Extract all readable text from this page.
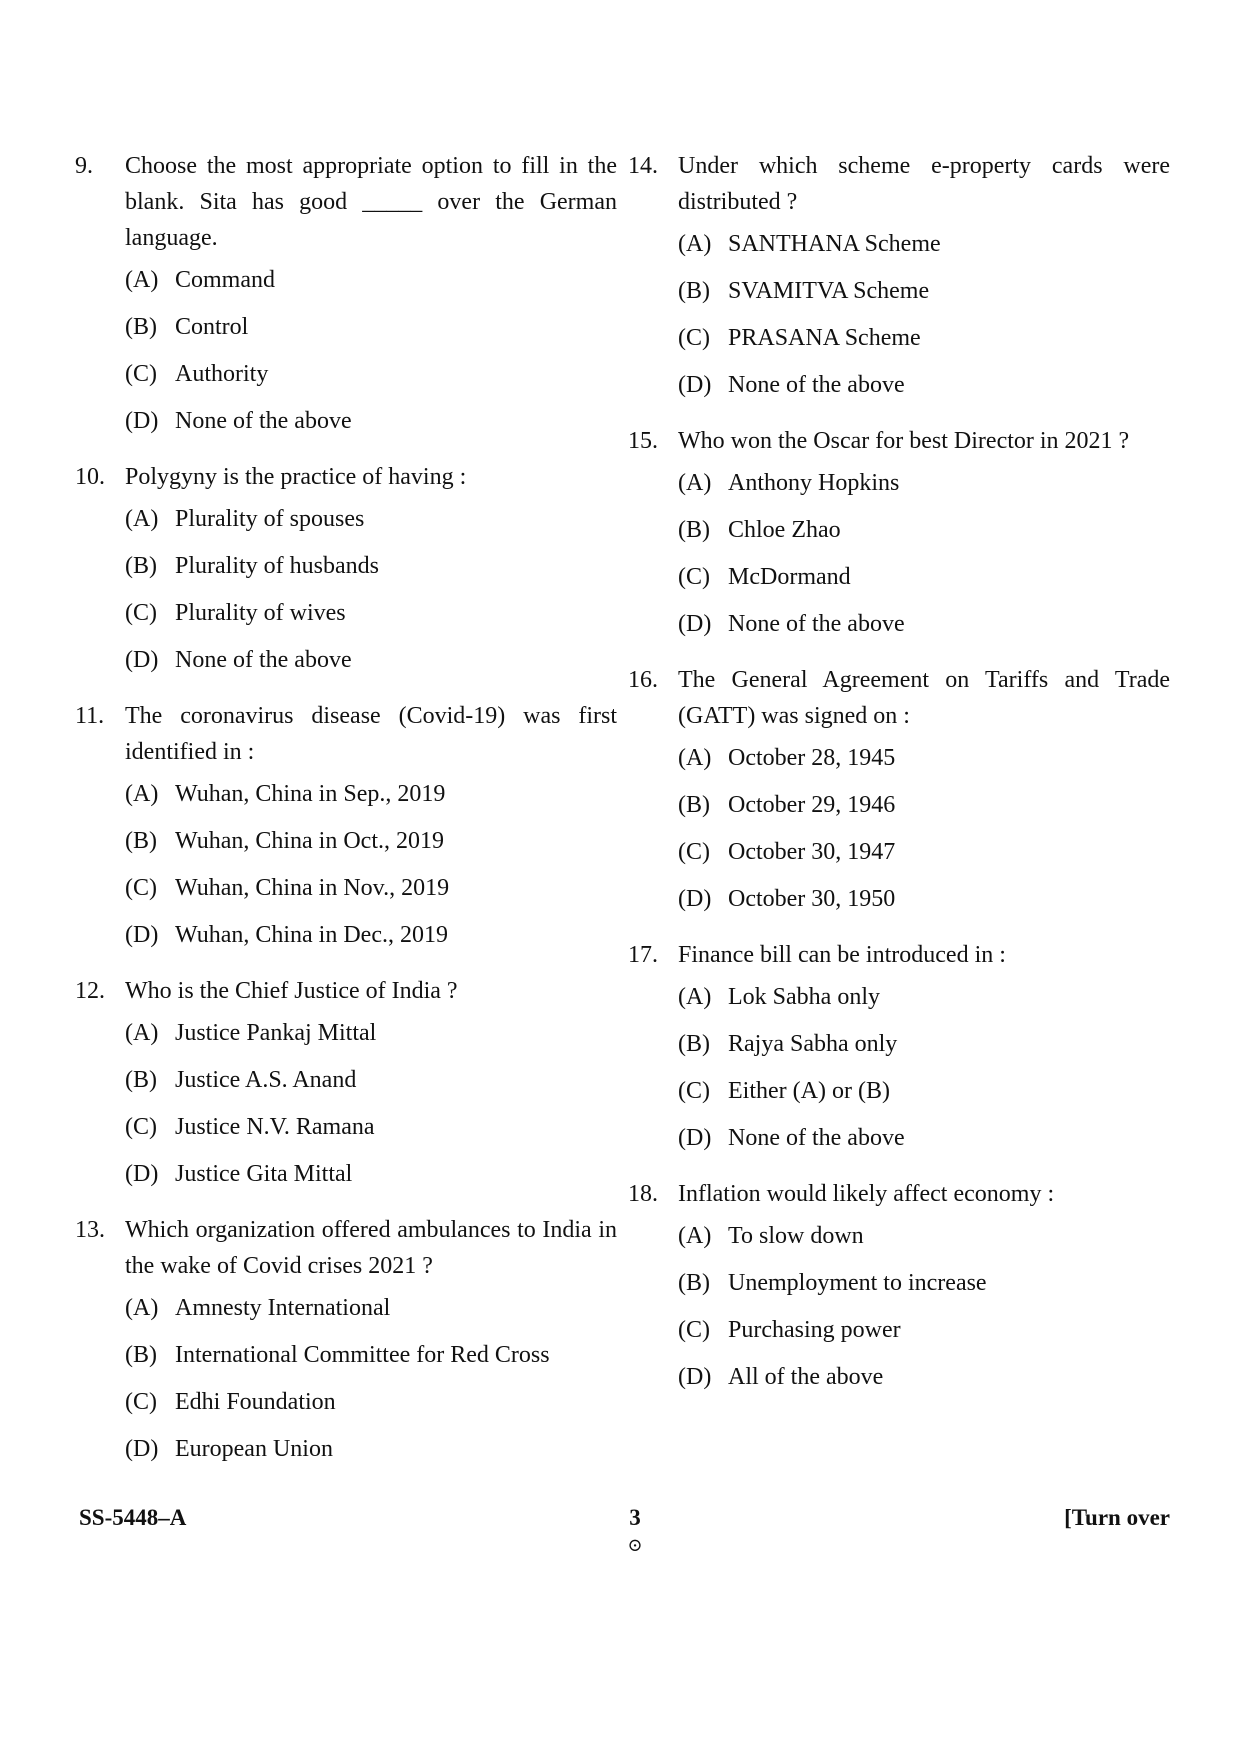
9.	Choose the most appropriate option to fill in the blank. Sita has good _____ over the German language.
(A) Command
(B) Control
(C) Authority
(D) None of the above
10. Polygyny is the practice of having :
(A) Plurality of spouses
(B) Plurality of husbands
(C) Plurality of wives
(D) None of the above
11. The coronavirus disease (Covid-19) was first identified in :
(A) Wuhan, China in Sep., 2019
(B) Wuhan, China in Oct., 2019
(C) Wuhan, China in Nov., 2019
(D) Wuhan, China in Dec., 2019
12. Who is the Chief Justice of India ?
(A) Justice Pankaj Mittal
(B) Justice A.S. Anand
(C) Justice N.V. Ramana
(D) Justice Gita Mittal
13. Which organization offered ambulances to India in the wake of Covid crises 2021 ?
(A) Amnesty International
(B) International Committee for Red Cross
(C) Edhi Foundation
(D) European Union
14. Under which scheme e-property cards were distributed ?
(A) SANTHANA Scheme
(B) SVAMITVA Scheme
(C) PRASANA Scheme
(D) None of the above
15. Who won the Oscar for best Director in 2021 ?
(A) Anthony Hopkins
(B) Chloe Zhao
(C) McDormand
(D) None of the above
16. The General Agreement on Tariffs and Trade (GATT) was signed on :
(A) October 28, 1945
(B) October 29, 1946
(C) October 30, 1947
(D) October 30, 1950
17. Finance bill can be introduced in :
(A) Lok Sabha only
(B) Rajya Sabha only
(C) Either (A) or (B)
(D) None of the above
18. Inflation would likely affect economy :
(A) To slow down
(B) Unemployment to increase
(C) Purchasing power
(D) All of the above
SS-5448–A	3
⊙
[Turn over
